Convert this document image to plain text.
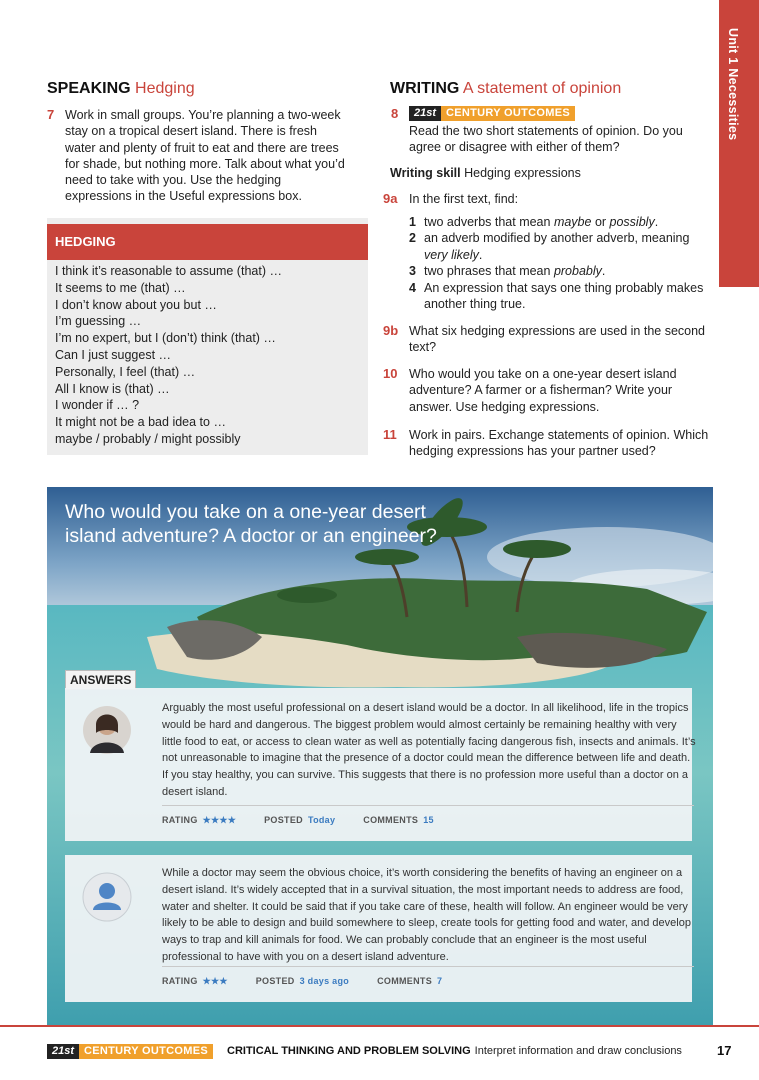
Unit 1 Necessities
SPEAKING Hedging
7 Work in small groups. You’re planning a two-week stay on a tropical desert island. There is fresh water and plenty of fruit to eat and there are trees for shade, but nothing more. Talk about what you’d need to take with you. Use the hedging expressions in the Useful expressions box.
HEDGING
I think it’s reasonable to assume (that) …
It seems to me (that) …
I don’t know about you but …
I’m guessing …
I’m no expert, but I (don’t) think (that) …
Can I just suggest …
Personally, I feel (that) …
All I know is (that) …
I wonder if … ?
It might not be a bad idea to …
maybe / probably / might possibly
WRITING A statement of opinion
8	21st CENTURY OUTCOMES
Read the two short statements of opinion. Do you agree or disagree with either of them?
Writing skill Hedging expressions
9a In the first text, find:
1 two adverbs that mean maybe or possibly.
2 an adverb modified by another adverb, meaning very likely.
3 two phrases that mean probably.
4 An expression that says one thing probably makes another thing true.
9b What six hedging expressions are used in the second text?
10 Who would you take on a one-year desert island adventure? A farmer or a fisherman? Write your answer. Use hedging expressions.
11 Work in pairs. Exchange statements of opinion. Which hedging expressions has your partner used?
Who would you take on a one-year desert island adventure? A doctor or an engineer?
ANSWERS
Arguably the most useful professional on a desert island would be a doctor. In all likelihood, life in the tropics would be hard and dangerous. The biggest problem would almost certainly be remaining healthy with very little food to eat, or access to clean water as well as potentially facing dangerous fish, insects and animals. It’s not unreasonable to imagine that the presence of a doctor could mean the difference between life and death. If you stay healthy, you can survive. This suggests that there is no profession more useful than a doctor on a desert island.
RATING ★★★★	POSTED Today	COMMENTS 15
While a doctor may seem the obvious choice, it’s worth considering the benefits of having an engineer on a desert island. It’s widely accepted that in a survival situation, the most important needs to address are food, water and shelter. It could be said that if you take care of these, health will follow. An engineer would be very likely to be able to design and build somewhere to sleep, create tools for getting food and water, and develop ways to trap and kill animals for food. We can probably conclude that an engineer is the most useful professional to have with you on a desert island adventure.
RATING ★★★	POSTED 3 days ago	COMMENTS 7
21st CENTURY OUTCOMES CRITICAL THINKING AND PROBLEM SOLVING Interpret information and draw conclusions	17
